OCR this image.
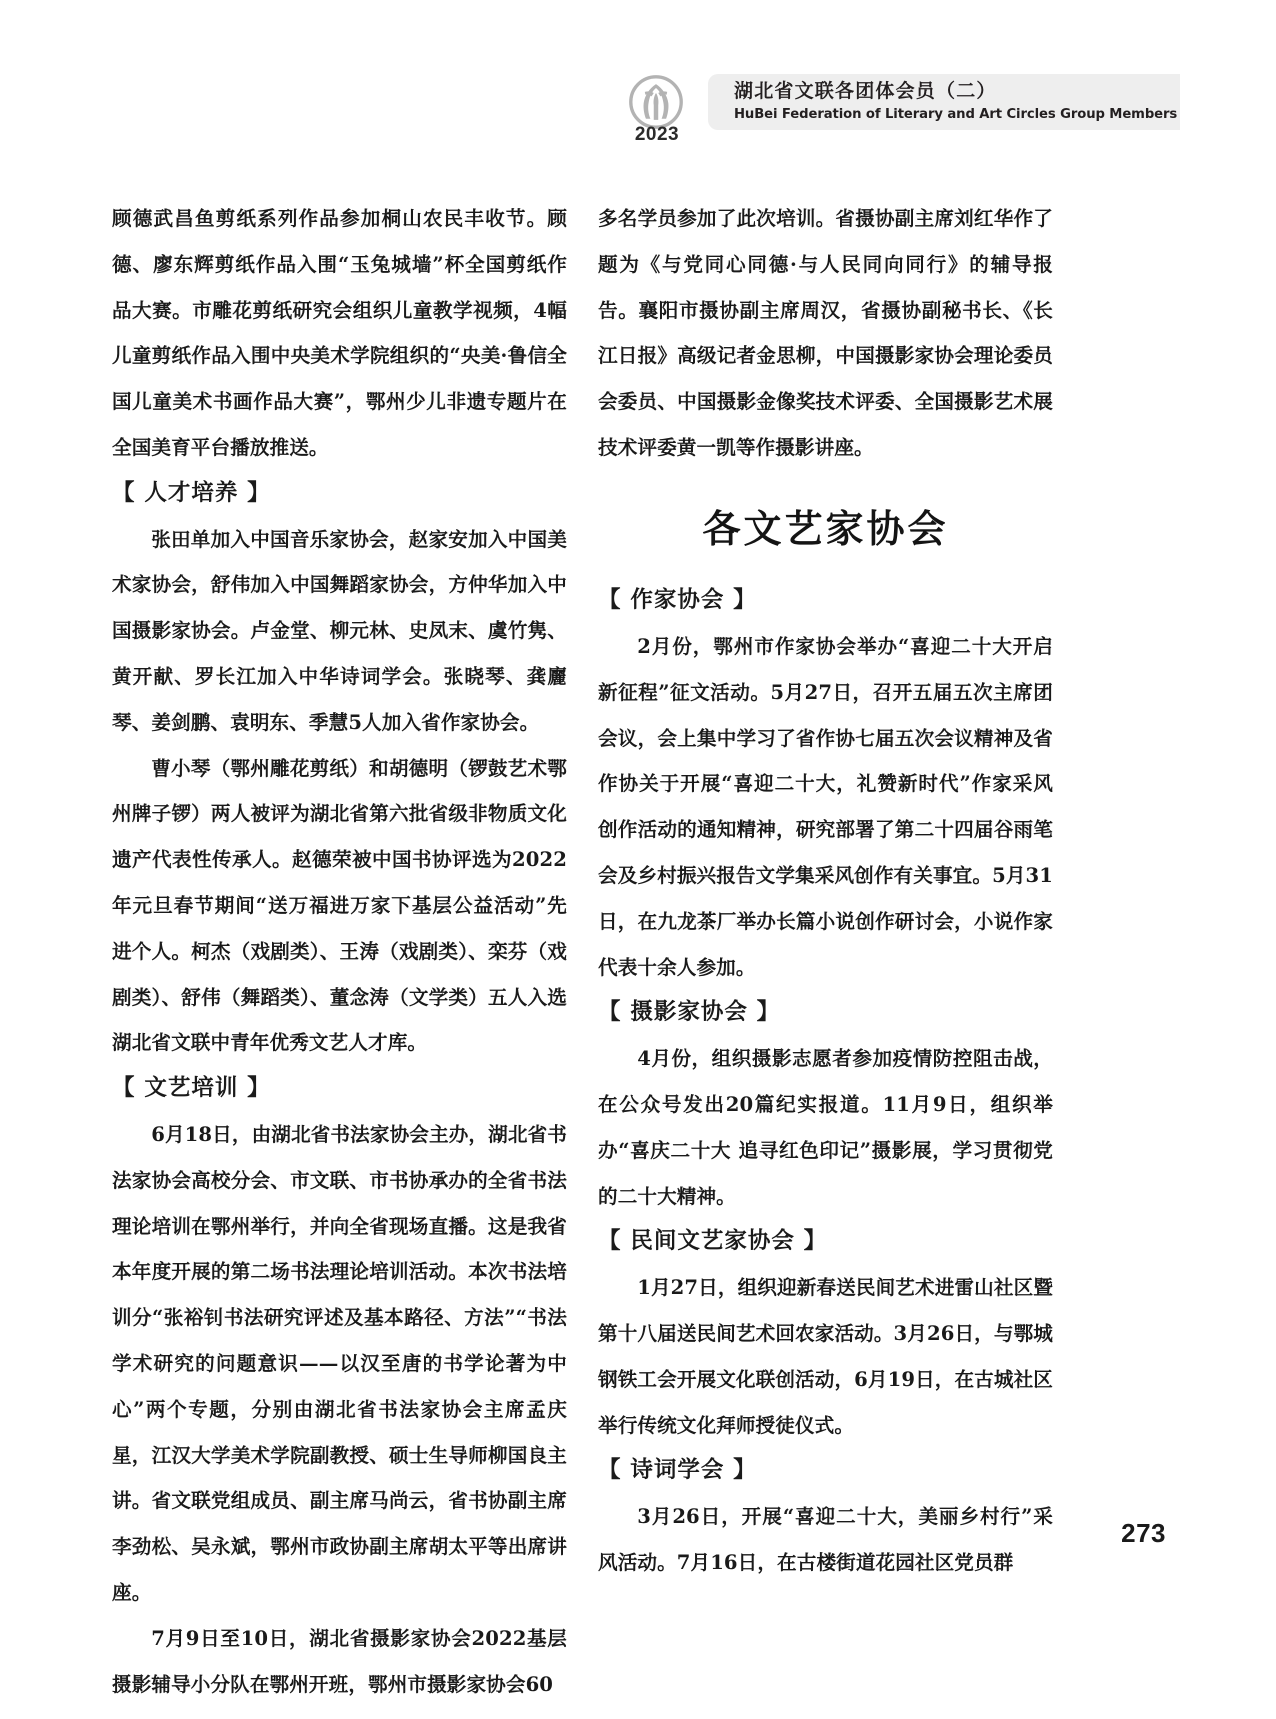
2023
湖北省文联各团体会员（二）
HuBei Federation of Literary and Art Circles Group Members

顾德武昌鱼剪纸系列作品参加桐山农民丰收节。顾德、廖东辉剪纸作品入围“玉兔城墙”杯全国剪纸作品大赛。市雕花剪纸研究会组织儿童教学视频，4幅儿童剪纸作品入围中央美术学院组织的“央美·鲁信全国儿童美术书画作品大赛”，鄂州少儿非遗专题片在全国美育平台播放推送。

【 人才培养 】

张田单加入中国音乐家协会，赵家安加入中国美术家协会，舒伟加入中国舞蹈家协会，方仲华加入中国摄影家协会。卢金堂、柳元林、史凤末、虞竹隽、黄开献、罗长江加入中华诗词学会。张晓琴、龚廲琴、姜剑鹏、袁明东、季慧5人加入省作家协会。

曹小琴（鄂州雕花剪纸）和胡德明（锣鼓艺术鄂州牌子锣）两人被评为湖北省第六批省级非物质文化遗产代表性传承人。赵德荣被中国书协评选为2022年元旦春节期间“送万福进万家下基层公益活动”先进个人。柯杰（戏剧类）、王涛（戏剧类）、栾芬（戏剧类）、舒伟（舞蹈类）、董念涛（文学类）五人入选湖北省文联中青年优秀文艺人才库。

【 文艺培训 】

6月18日，由湖北省书法家协会主办，湖北省书法家协会高校分会、市文联、市书协承办的全省书法理论培训在鄂州举行，并向全省现场直播。这是我省本年度开展的第二场书法理论培训活动。本次书法培训分“张裕钊书法研究评述及基本路径、方法”“书法学术研究的问题意识——以汉至唐的书学论著为中心”两个专题，分别由湖北省书法家协会主席孟庆星，江汉大学美术学院副教授、硕士生导师柳国良主讲。省文联党组成员、副主席马尚云，省书协副主席李劲松、吴永斌，鄂州市政协副主席胡太平等出席讲座。

7月9日至10日，湖北省摄影家协会2022基层摄影辅导小分队在鄂州开班，鄂州市摄影家协会60

多名学员参加了此次培训。省摄协副主席刘红华作了题为《与党同心同德·与人民同向同行》的辅导报告。襄阳市摄协副主席周汉，省摄协副秘书长、《长江日报》高级记者金思柳，中国摄影家协会理论委员会委员、中国摄影金像奖技术评委、全国摄影艺术展技术评委黄一凯等作摄影讲座。

各文艺家协会
【 作家协会 】

2月份，鄂州市作家协会举办“喜迎二十大开启新征程”征文活动。5月27日，召开五届五次主席团会议，会上集中学习了省作协七届五次会议精神及省作协关于开展“喜迎二十大，礼赞新时代”作家采风创作活动的通知精神，研究部署了第二十四届谷雨笔会及乡村振兴报告文学集采风创作有关事宜。5月31日，在九龙茶厂举办长篇小说创作研讨会，小说作家代表十余人参加。

【 摄影家协会 】

4月份，组织摄影志愿者参加疫情防控阻击战，在公众号发出20篇纪实报道。11月9日，组织举办“喜庆二十大 追寻红色印记”摄影展，学习贯彻党的二十大精神。

【 民间文艺家协会 】

1月27日，组织迎新春送民间艺术进雷山社区暨第十八届送民间艺术回农家活动。3月26日，与鄂城钢铁工会开展文化联创活动，6月19日，在古城社区举行传统文化拜师授徒仪式。

【 诗词学会 】

3月26日，开展“喜迎二十大，美丽乡村行”采风活动。7月16日，在古楼街道花园社区党员群

273
